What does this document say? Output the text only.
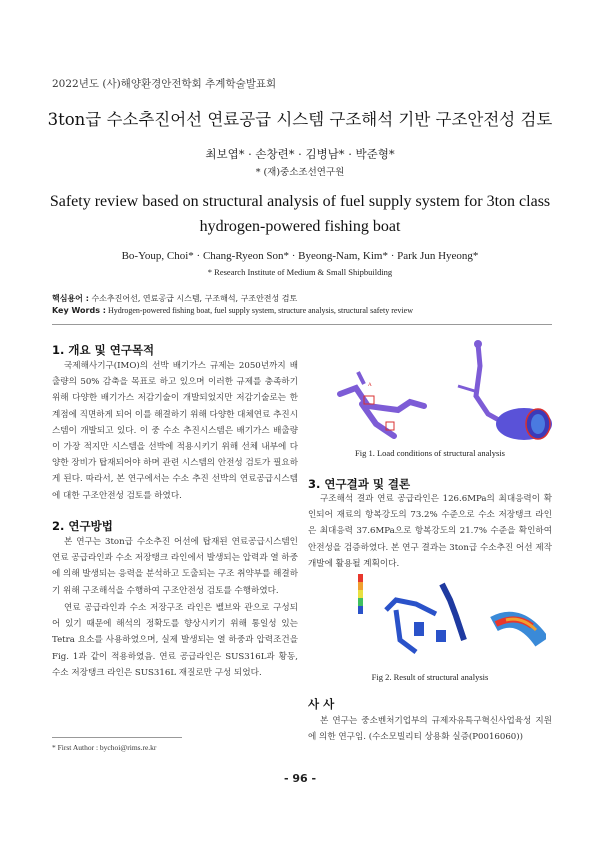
2022년도 (사)해양환경안전학회 추계학술발표회
3ton급 수소추진어선 연료공급 시스템 구조해석 기반 구조안전성 검토
최보엽* · 손창련* · 김병남* · 박준형*
* (재)중소조선연구원
Safety review based on structural analysis of fuel supply system for 3ton class hydrogen-powered fishing boat
Bo-Youp, Choi* · Chang-Ryeon Son* · Byeong-Nam, Kim* · Park Jun Hyeong*
* Research Institute of Medium & Small Shipbuilding
핵심용어 : 수소추진어선, 연료공급 시스템, 구조해석, 구조안전성 검토
Key Words : Hydrogen-powered fishing boat, fuel supply system, structure analysis, structural safety review
1. 개요 및 연구목적
국제해사기구(IMO)의 선박 배기가스 규제는 2050년까지 배출량의 50% 감축을 목표로 하고 있으며 이러한 규제를 충족하기 위해 다양한 배기가스 저감기술이 개발되었지만 저감기술로는 한계점에 직면하게 되어 이를 해결하기 위해 다양한 대체연료 추진시스템이 개발되고 있다. 이 중 수소 추진시스템은 배기가스 배출량이 가장 적지만 시스템을 선박에 적용시키기 위해 선체 내부에 다양한 장비가 탑재되어야 하며 관련 시스템의 안전성 검토가 필요하게 된다. 따라서, 본 연구에서는 수소 추진 선박의 연료공급시스템에 대한 구조안전성 검토를 하였다.
2. 연구방법
본 연구는 3ton급 수소추진 어선에 탑재된 연료공급시스템인 연료 공급라인과 수소 저장탱크 라인에서 발생되는 압력과 열 하중에 의해 발생되는 응력을 분석하고 도출되는 구조 취약부를 해결하기 위해 구조해석을 수행하여 구조안전성 검토를 수행하였다.
연료 공급라인과 수소 저장구조 라인은 벨브와 관으로 구성되어 있기 때문에 해석의 정확도를 향상시키기 위해 통일성 있는 Tetra 요소를 사용하였으며, 실제 발생되는 열 하중과 압력조건을 Fig. 1과 같이 적용하였음. 연료 공급라인은 SUS316L과 황동, 수소 저장탱크 라인은 SUS316L 재질로만 구성 되었다.
A
Fig 1. Load conditions of structural analysis
3. 연구결과 및 결론
구조해석 결과 연료 공급라인은 126.6MPa의 최대응력이 확인되어 재료의 항복강도의 73.2% 수준으로 수소 저장탱크 라인은 최대응력 37.6MPa으로 항복강도의 21.7% 수준을 확인하여 안전성을 검증하였다. 본 연구 결과는 3ton급 수소추진 어선 제작 개발에 활용될 계획이다.
Fig 2. Result of structural analysis
사 사
본 연구는 중소벤처기업부의 규제자유특구혁신사업육성 지원에 의한 연구임. (수소모빌리티 상용화 실증(P0016060))
* First Author : bychoi@rims.re.kr
- 96 -
